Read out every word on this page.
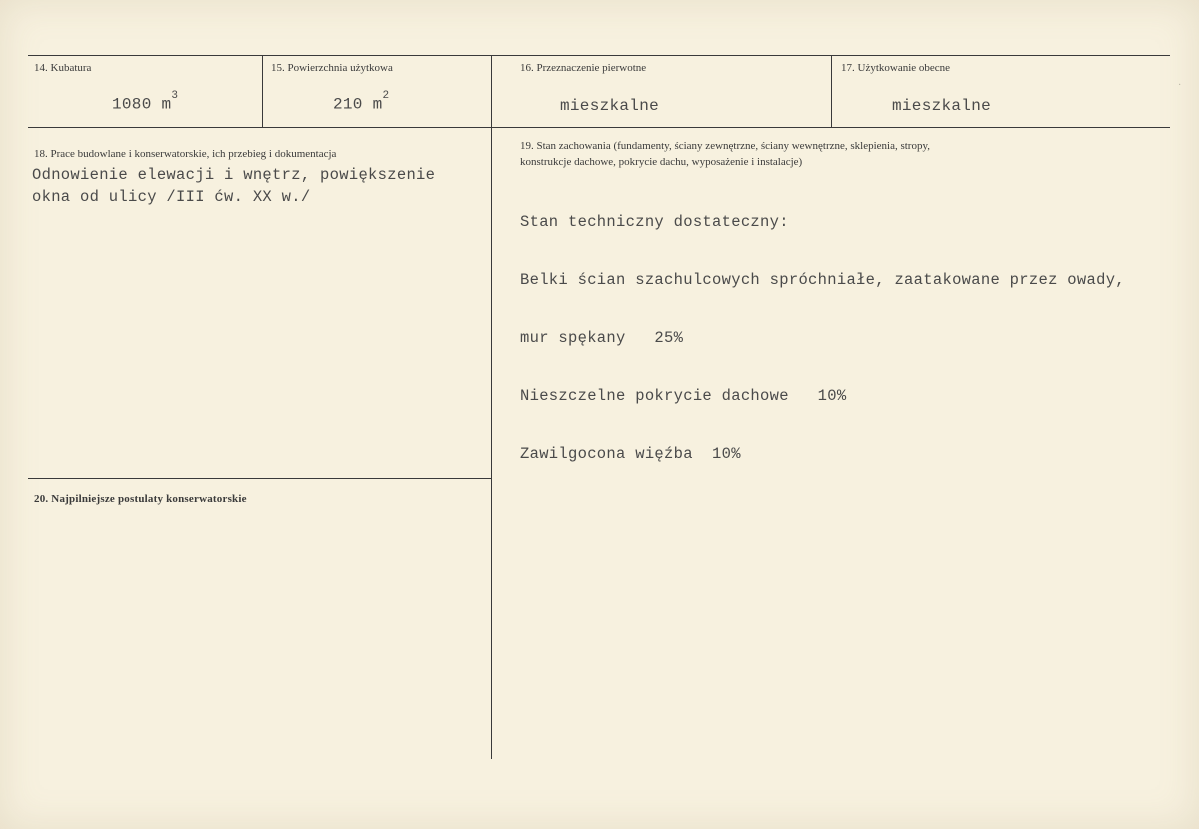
14. Kubatura
1080 $m^3$
15. Powierzchnia użytkowa
210 $m^2$
16. Przeznaczenie pierwotne
mieszkalne
17. Użytkowanie obecne
mieszkalne
18. Prace budowlane i konserwatorskie, ich przebieg i dokumentacja
Odnowienie elewacji i wnętrz, powiększenie
okna od ulicy /III ćw. XX w./
19. Stan zachowania (fundamenty, ściany zewnętrzne, ściany wewnętrzne, sklepienia, stropy,
konstrukcje dachowe, pokrycie dachu, wyposażenie i instalacje)

Stan techniczny dostateczny:

Belki ścian szachulcowych spróchniałe, zaatakowane przez owady,

mur spękany   25%

Nieszczelne pokrycie dachowe   10%

Zawilgocona więźba  10%

20. Najpilniejsze postulaty konserwatorskie
·
